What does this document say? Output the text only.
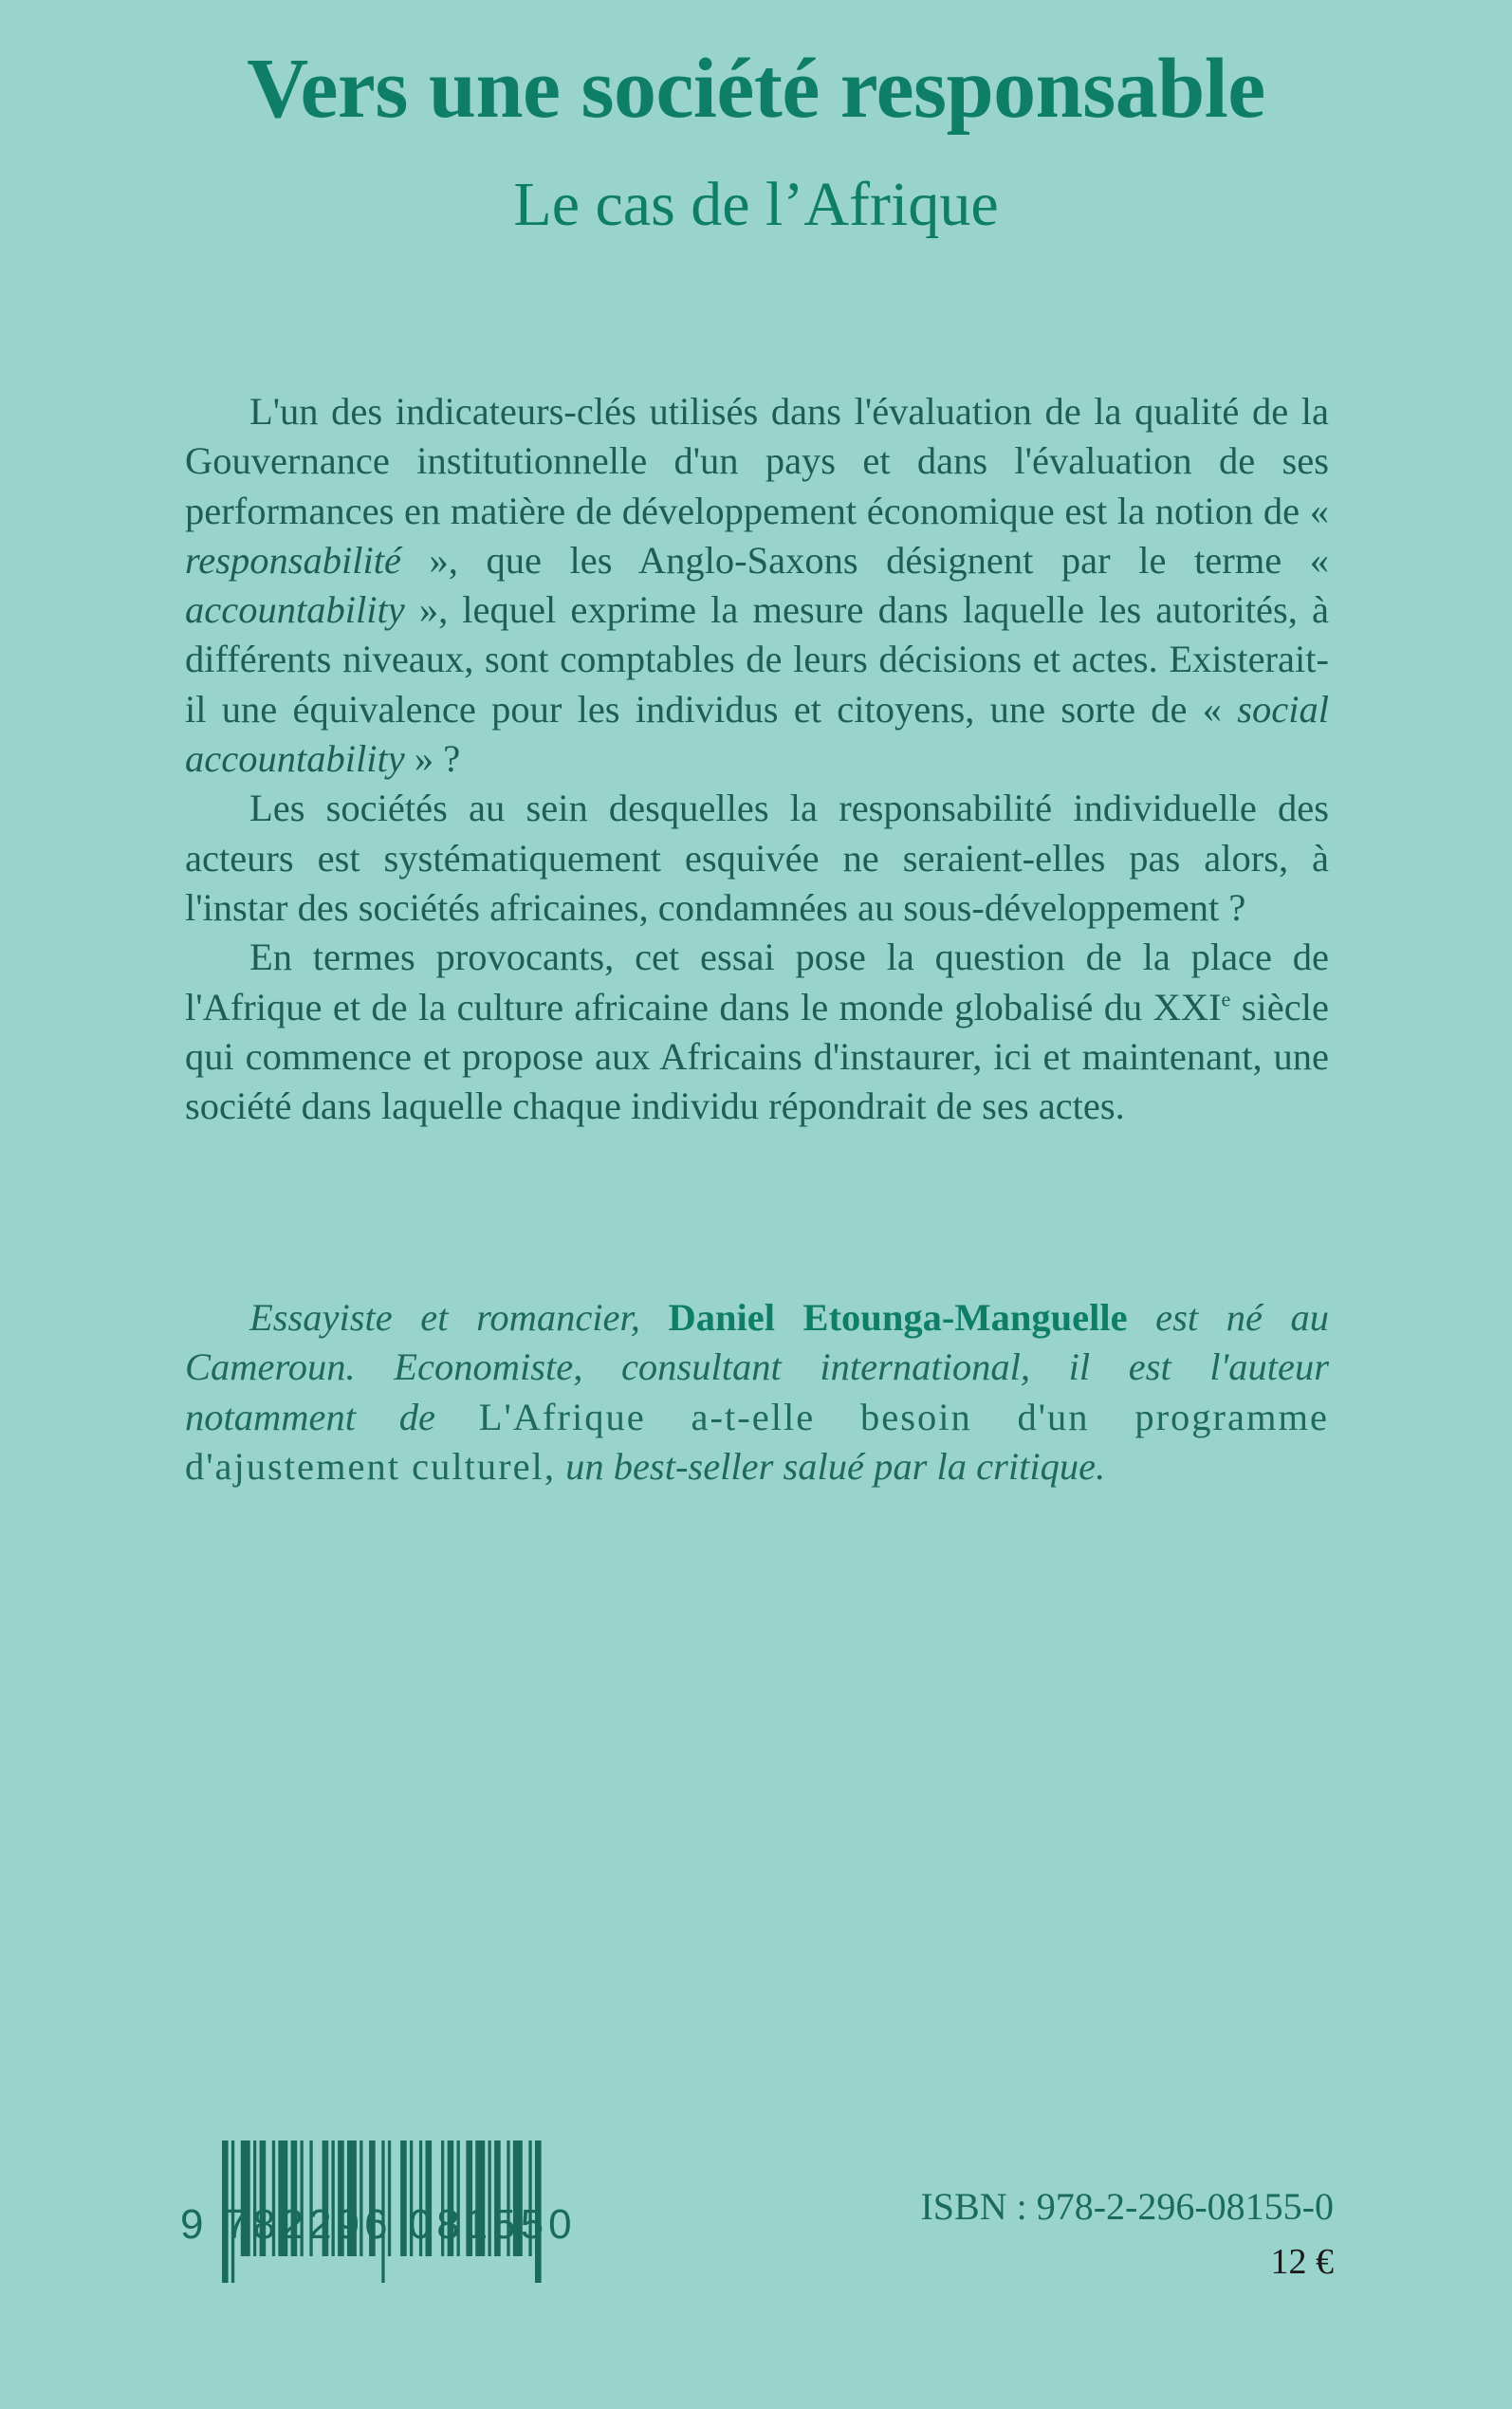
Vers une société responsable
Le cas de l’Afrique

L'un des indicateurs-clés utilisés dans l'évaluation de la qualité de la Gouvernance institutionnelle d'un pays et dans l'évaluation de ses performances en matière de développement économique est la notion de « responsabilité », que les Anglo-Saxons désignent par le terme « accountability », lequel exprime la mesure dans laquelle les autorités, à différents niveaux, sont comptables de leurs décisions et actes. Existerait-il une équivalence pour les individus et citoyens, une sorte de « social accountability » ?

Les sociétés au sein desquelles la responsabilité individuelle des acteurs est systématiquement esquivée ne seraient-elles pas alors, à l'instar des sociétés africaines, condamnées au sous-développement ?

En termes provocants, cet essai pose la question de la place de l'Afrique et de la culture africaine dans le monde globalisé du XXIe siècle qui commence et propose aux Africains d'instaurer, ici et maintenant, une société dans laquelle chaque individu répondrait de ses actes.

Essayiste et romancier, Daniel Etounga-Manguelle est né au Cameroun. Economiste, consultant international, il est l'auteur notamment de L'Afrique a-t-elle besoin d'un programme d'ajustement culturel, un best-seller salué par la critique.

9 782296 081550	ISBN : 978-2-296-08155-0
12 €
